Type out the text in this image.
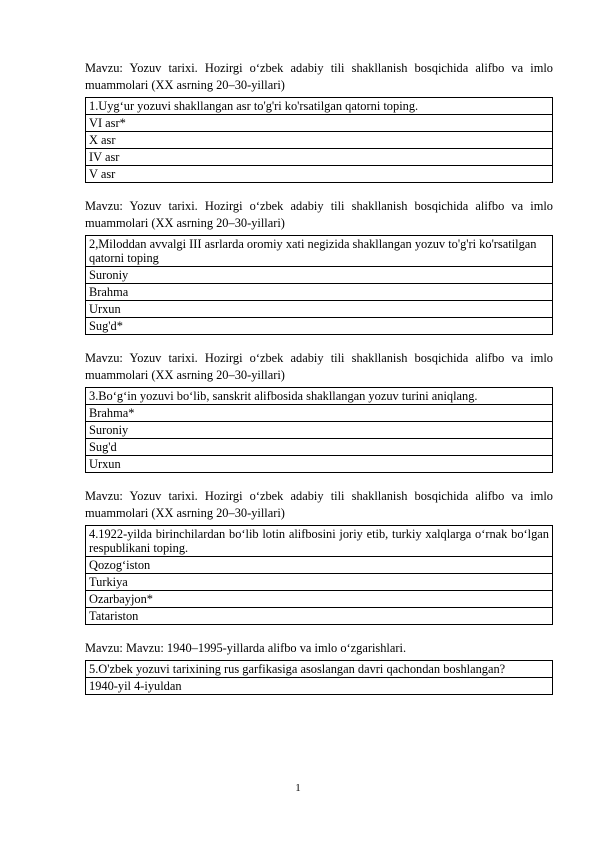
Mavzu: Yozuv tarixi. Hozirgi o‘zbek adabiy tili shakllanish bosqichida alifbo va imlo muammolari (XX asrning 20–30-yillari)

1.Uyg‘ur yozuvi shakllangan asr to'g'ri ko'rsatilgan qatorni toping.
VI asr*
X asr
IV asr
V asr

Mavzu: Yozuv tarixi. Hozirgi o‘zbek adabiy tili shakllanish bosqichida alifbo va imlo muammolari (XX asrning 20–30-yillari)

2,Miloddan avvalgi III asrlarda oromiy xati negizida shakllangan yozuv to'g'ri ko'rsatilgan qatorni toping
Suroniy
Brahma
Urxun
Sug'd*

Mavzu: Yozuv tarixi. Hozirgi o‘zbek adabiy tili shakllanish bosqichida alifbo va imlo muammolari (XX asrning 20–30-yillari)

3.Bo‘g‘in yozuvi bo‘lib, sanskrit alifbosida shakllangan yozuv turini aniqlang.
Brahma*
Suroniy
Sug'd
Urxun

Mavzu: Yozuv tarixi. Hozirgi o‘zbek adabiy tili shakllanish bosqichida alifbo va imlo muammolari (XX asrning 20–30-yillari)

4.1922-yilda birinchilardan bo‘lib lotin alifbosini joriy etib, turkiy xalqlarga o‘rnak bo‘lgan respublikani toping.
Qozog‘iston
Turkiya
Ozarbayjon*
Tatariston

Mavzu: Mavzu: 1940–1995-yillarda alifbo va imlo o‘zgarishlari.

5.O'zbek yozuvi tarixining rus garfikasiga asoslangan davri qachondan boshlangan?
1940-yil 4-iyuldan
1
